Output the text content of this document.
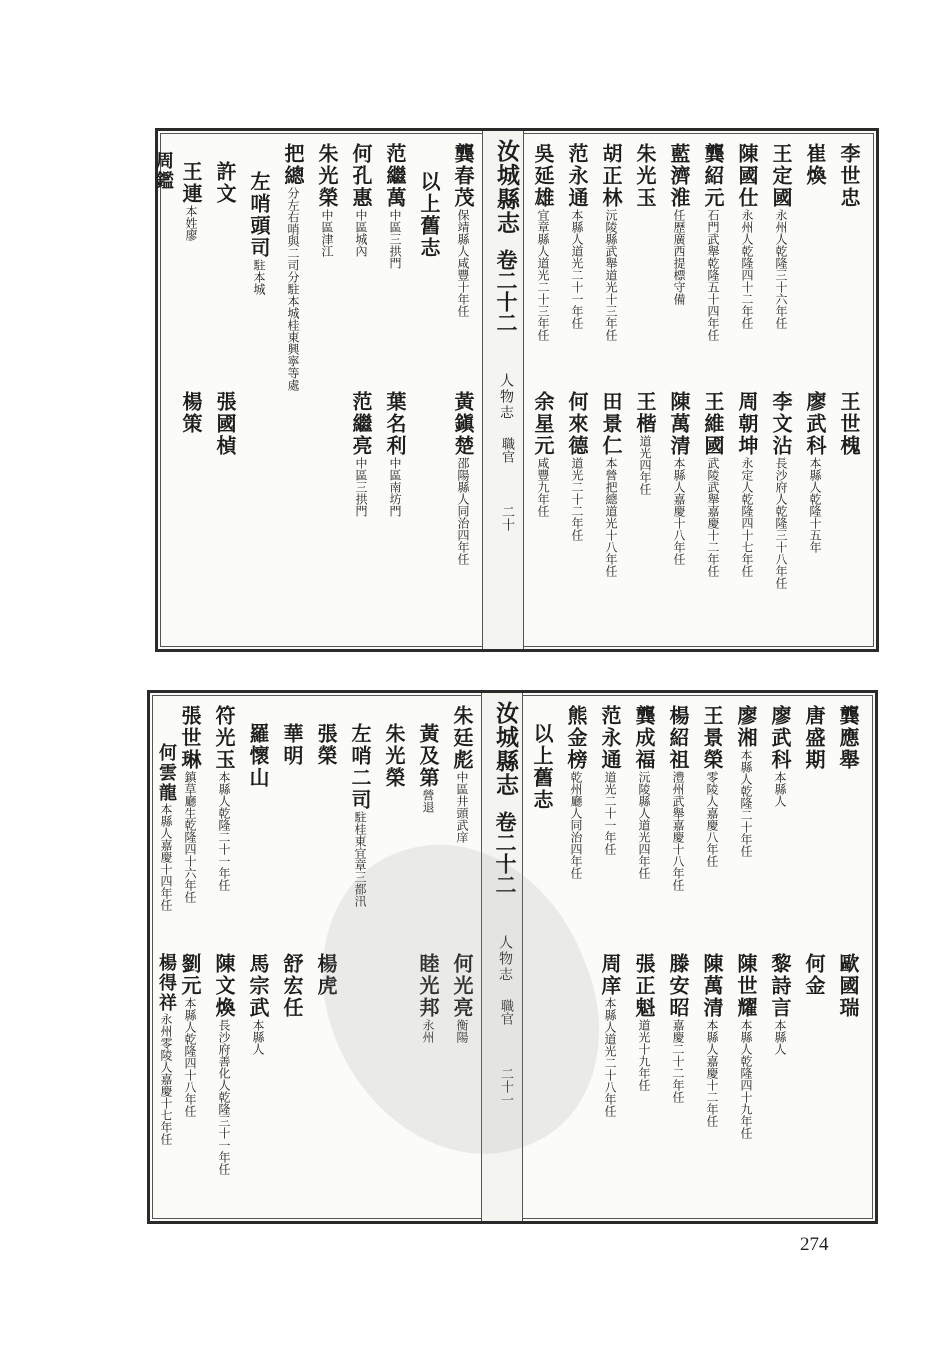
李世忠
王世槐
崔煥
廖武科本縣人乾隆十五年
王定國永州人乾隆三十六年任
李文沾長沙府人乾隆三十八年任
陳國仕永州人乾隆四十二年任
周朝坤永定人乾隆四十七年任
龔紹元石門武舉乾隆五十四年任
王維國武陵武舉嘉慶十二年任
藍濟淮任歷廣西提標守備
陳萬清本縣人嘉慶十八年任
朱光玉
王楷道光四年任
胡正林沅陵縣武舉道光十三年任
田景仁本營把總道光十八年任
范永通本縣人道光二十一年任
何來德道光二十二年任
吳延雄宜章縣人道光二十三年任
余星元咸豐九年任
汝城縣志卷二十二人物志職官二十
龔春茂保靖縣人咸豐十年任
黃鎭楚邵陽縣人同治四年任
以上舊志
范繼萬中區三拱門
葉名利中區南坊門
何孔惠中區城內
范繼亮中區三拱門
朱光榮中區津江
把總分左右哨與二司分駐本城桂東興寧等處
左哨頭司駐本城
許文
張國楨
王連本姓廖
楊策
周鑑
龔應舉
歐國瑞
唐盛期
何金
廖武科本縣人
黎詩言本縣人
廖湘本縣人乾隆二十年任
陳世耀本縣人乾隆四十九年任
王景榮零陵人嘉慶八年任
陳萬清本縣人嘉慶十二年任
楊紹祖澧州武舉嘉慶十八年任
滕安昭嘉慶二十二年任
龔成福沅陵縣人道光四年任
張正魁道光十九年任
范永通道光二十一年任
周庠本縣人道光二十八年任
熊金榜乾州廳人同治四年任
以上舊志
汝城縣志卷二十二人物志職官二十一
朱廷彪中區井頭武庠
何光亮衡陽
黃及第營退
睦光邦永州
朱光榮
左哨二司駐桂東宜章三都汛
張榮
楊虎
華明
舒宏任
羅懷山
馬宗武本縣人
符光玉本縣人乾隆二十一年任
陳文煥長沙府善化人乾隆三十一年任
張世琳鎮草廳生乾隆四十六年任
劉元本縣人乾隆四十八年任
何雲龍本縣人嘉慶十四年任
楊得祥永州零陵人嘉慶十七年任
274
